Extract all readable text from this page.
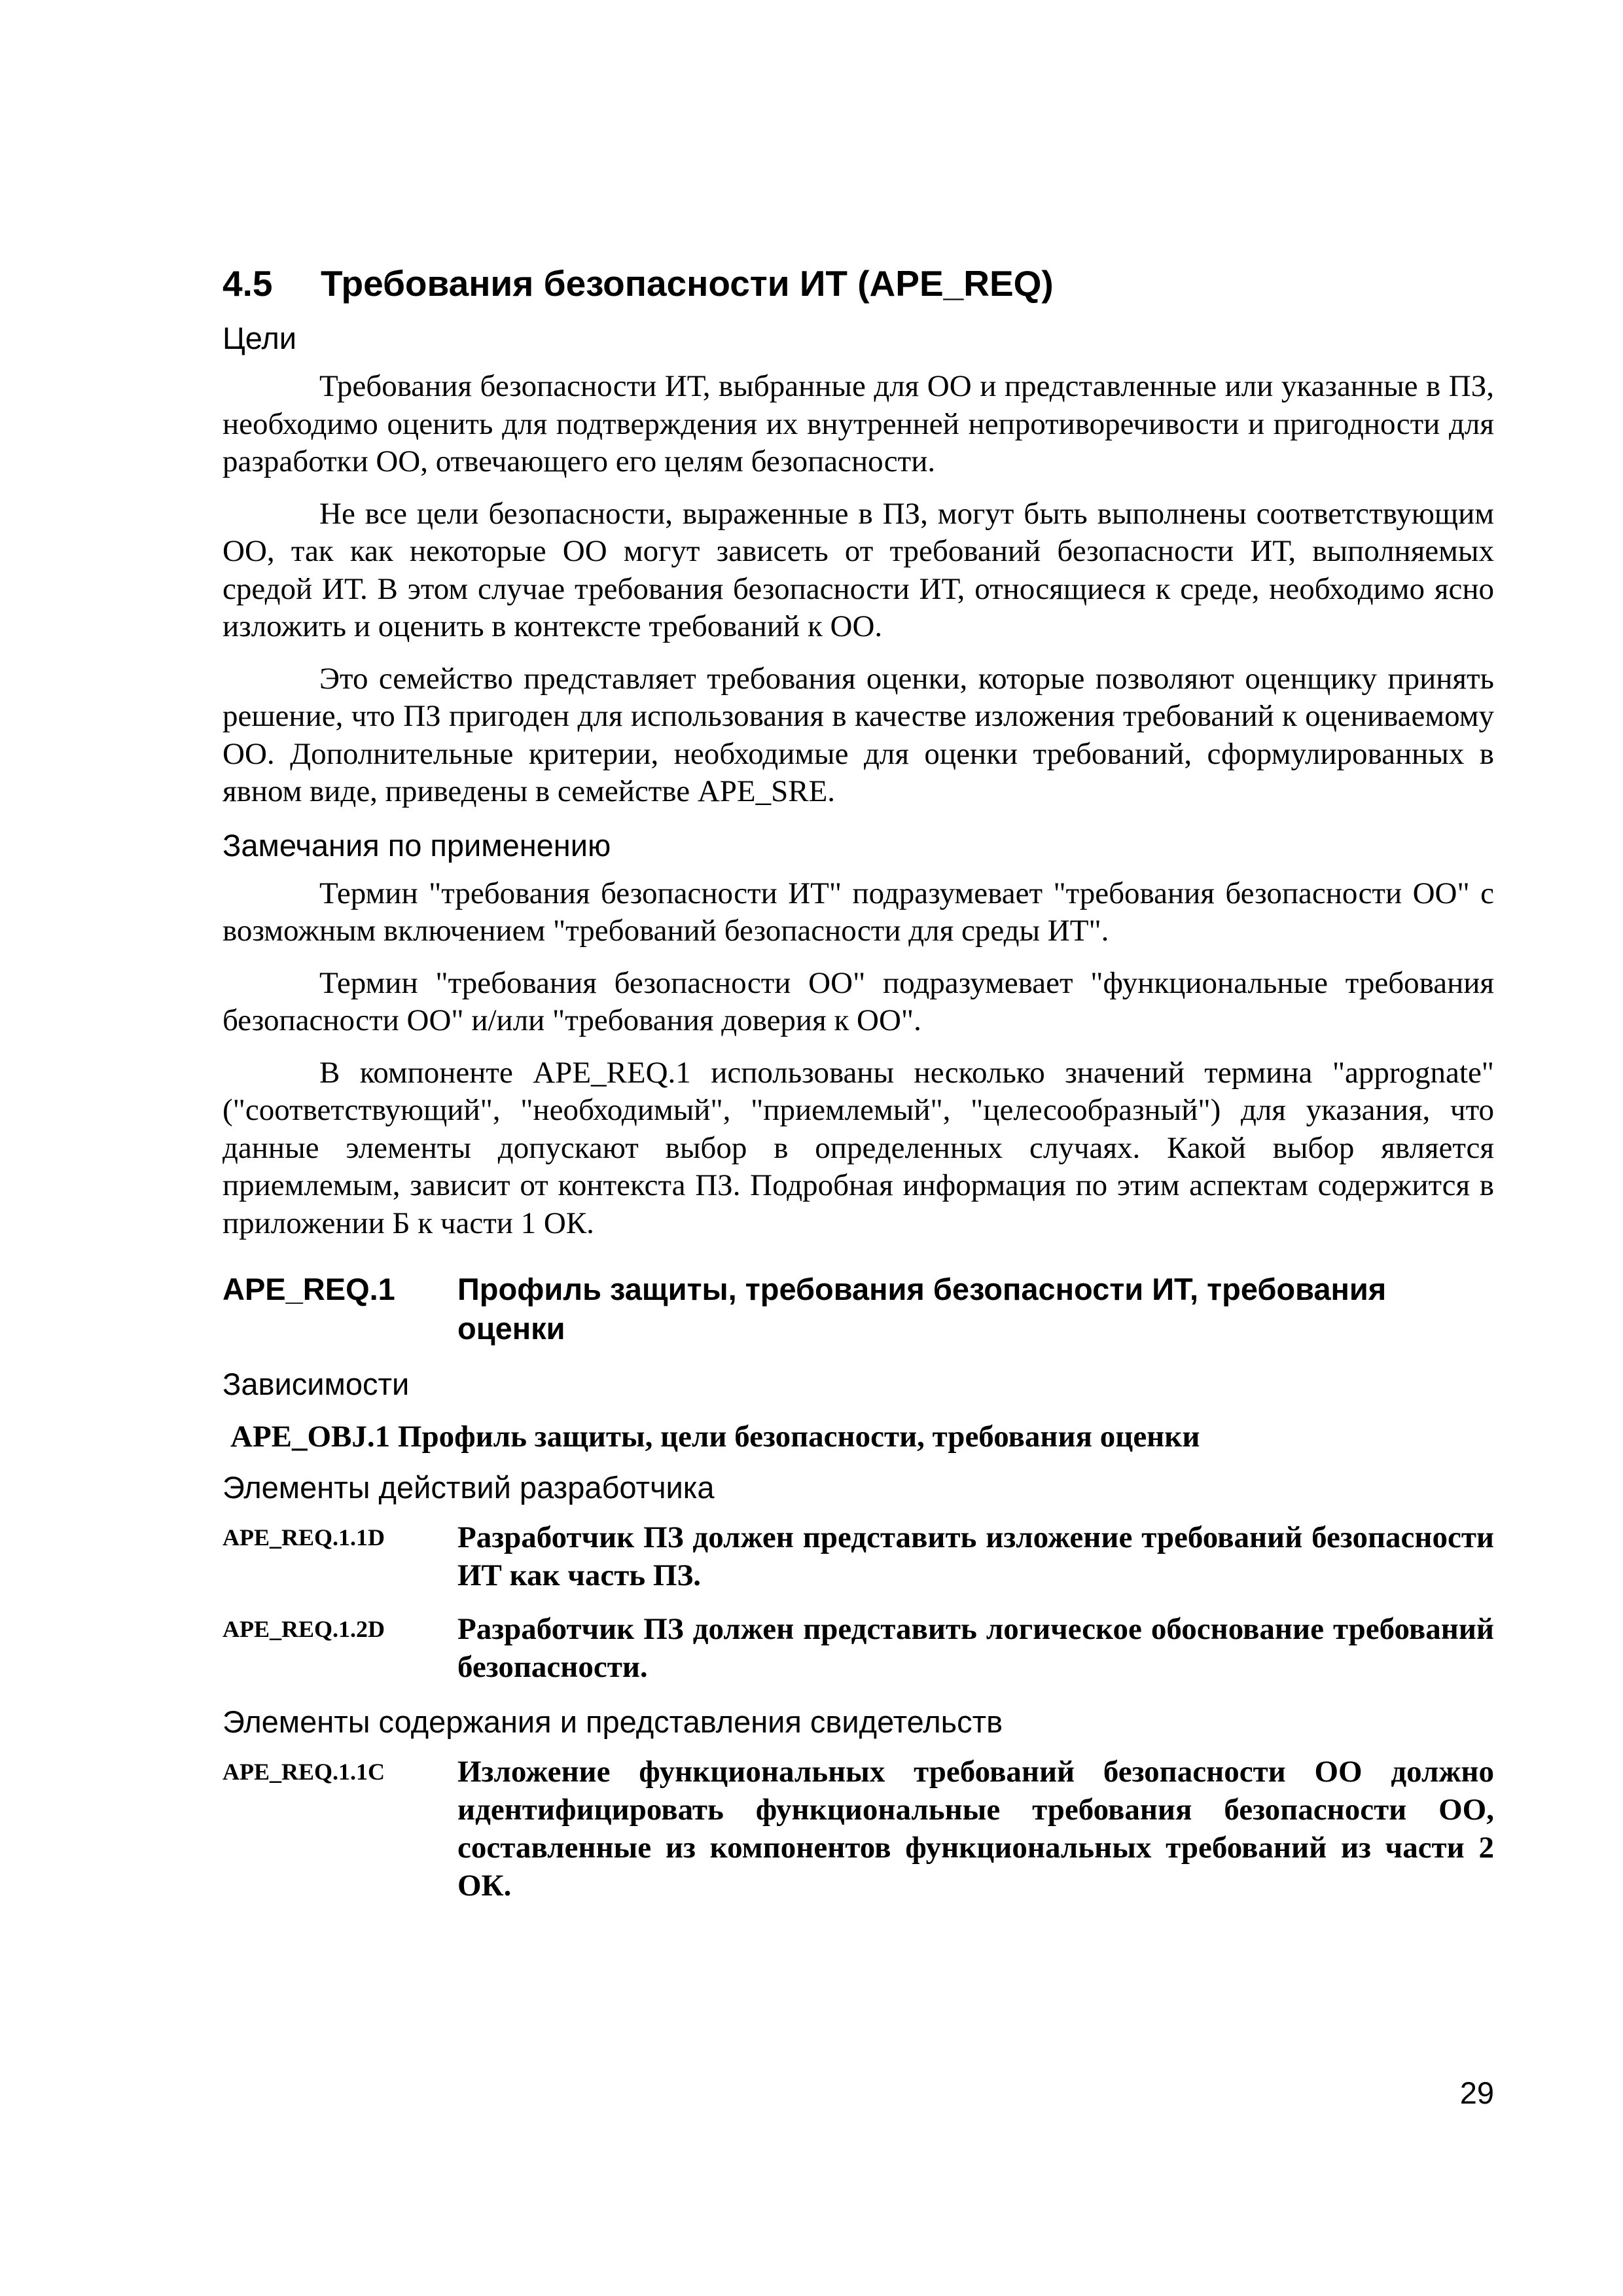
4.5	Требования безопасности ИТ (APE_REQ)
Цели

Требования безопасности ИТ, выбранные для ОО и представленные или указанные в ПЗ, необходимо оценить для подтверждения их внутренней непротиворечивости и пригодности для разработки ОО, отвечающего его целям безопасности.

Не все цели безопасности, выраженные в ПЗ, могут быть выполнены соответствующим ОО, так как некоторые ОО могут зависеть от требований безопасности ИТ, выполняемых средой ИТ. В этом случае требования безопасности ИТ, относящиеся к среде, необходимо ясно изложить и оценить в контексте требований к ОО.

Это семейство представляет требования оценки, которые позволяют оценщику принять решение, что ПЗ пригоден для использования в качестве изложения требований к оцениваемому ОО. Дополнительные критерии, необходимые для оценки требований, сформулированных в явном виде, приведены в семействе APE_SRE.

Замечания по применению

Термин "требования безопасности ИТ" подразумевает "требования безопасности ОО" с возможным включением "требований безопасности для среды ИТ".

Термин "требования безопасности ОО" подразумевает "функциональные требования безопасности ОО" и/или "требования доверия к ОО".

В компоненте APE_REQ.1 использованы несколько значений термина "apprognate" ("соответствующий", "необходимый", "приемлемый", "целесообразный") для указания, что данные элементы допускают выбор в определенных случаях. Какой выбор является приемлемым, зависит от контекста ПЗ. Подробная информация по этим аспектам содержится в приложении Б к части 1 ОК.

APE_REQ.1	Профиль защиты, требования безопасности ИТ, требования оценки
Зависимости
APE_OBJ.1 Профиль защиты, цели безопасности, требования оценки
Элементы действий разработчика
APE_REQ.1.1D	Разработчик ПЗ должен представить изложение требований безопасности ИТ как часть ПЗ.
APE_REQ.1.2D	Разработчик ПЗ должен представить логическое обоснование требований безопасности.
Элементы содержания и представления свидетельств
APE_REQ.1.1C	Изложение функциональных требований безопасности ОО должно идентифицировать функциональные требования безопасности ОО, составленные из компонентов функциональных требований из части 2 ОК.
29
